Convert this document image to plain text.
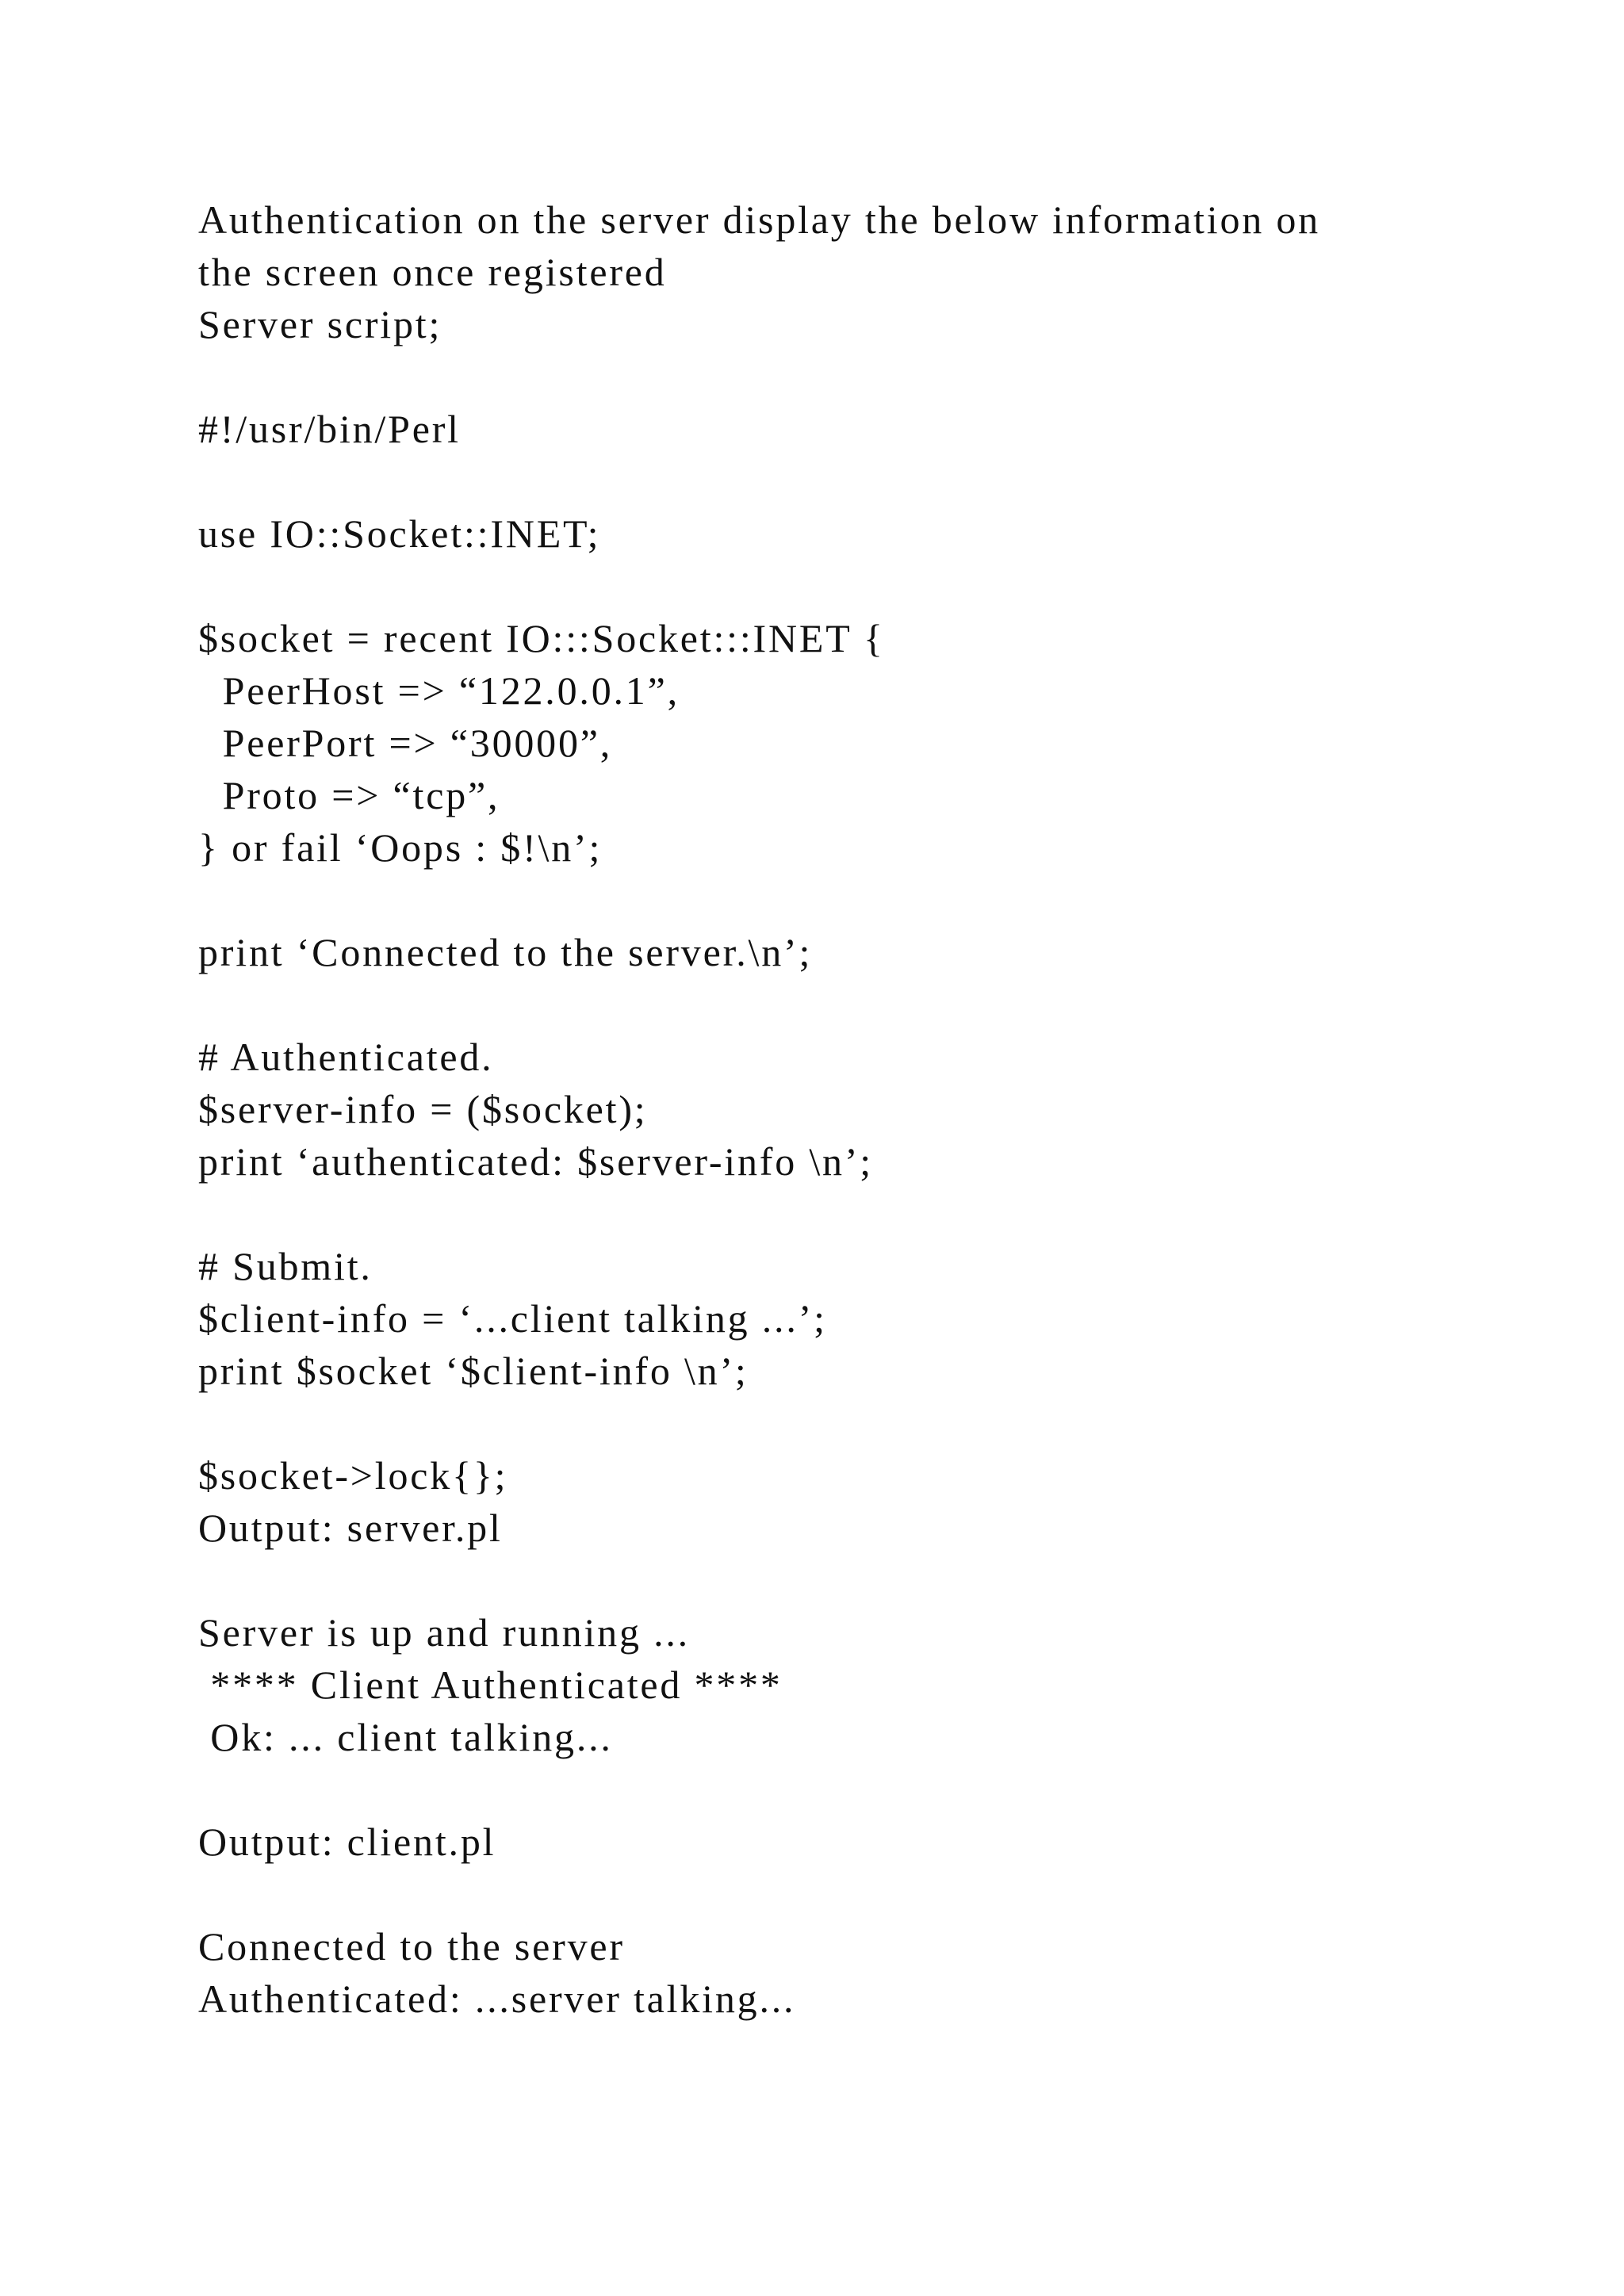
Authentication on the server display the below information on

the screen once registered

Server script;

#!/usr/bin/Perl

use IO::Socket::INET;

$socket = recent IO:::Socket:::INET {

PeerHost => “122.0.0.1”,

PeerPort => “30000”,

Proto => “tcp”,

} or fail ‘Oops : $!\n’;

print ‘Connected to the server.\n’;

# Authenticated.

$server-info = ($socket);

print ‘authenticated: $server-info \n’;

# Submit.

$client-info = ‘...client talking ...’;

print $socket ‘$client-info \n’;

$socket->lock{};

Output: server.pl

Server is up and running ...

**** Client Authenticated ****

Ok: ... client talking...

Output: client.pl

Connected to the server

Authenticated: ...server talking...
